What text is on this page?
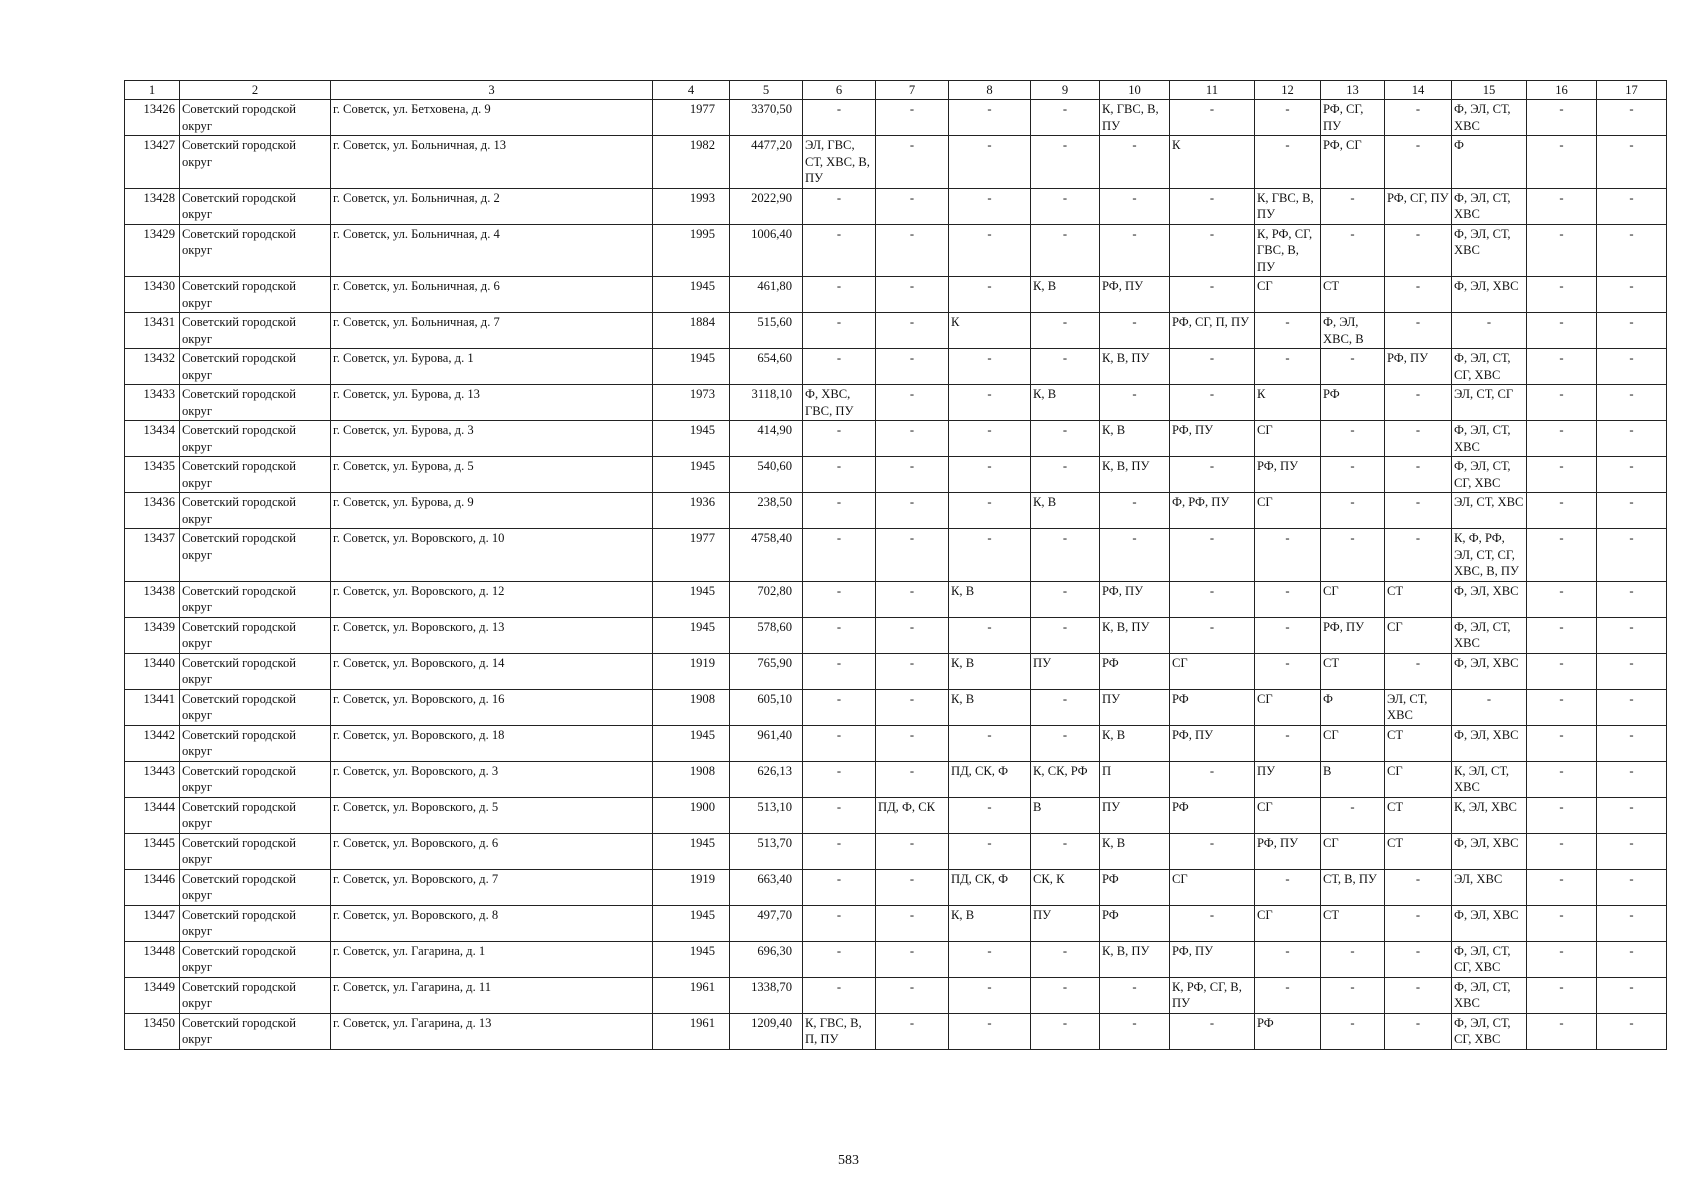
1	2	3	4	5	6	7	8	9	10	11	12	13	14	15	16	17
13426	Советский городской округ	г. Советск, ул. Бетховена, д. 9	1977	3370,50	-	-	-	-	К, ГВС, В, ПУ	-	-	РФ, СГ, ПУ	-	Ф, ЭЛ, СТ, ХВС	-	-
13427	Советский городской округ	г. Советск, ул. Больничная, д. 13	1982	4477,20	ЭЛ, ГВС, СТ, ХВС, В, ПУ	-	-	-	-	К	-	РФ, СГ	-	Ф	-	-
13428	Советский городской округ	г. Советск, ул. Больничная, д. 2	1993	2022,90	-	-	-	-	-	-	К, ГВС, В, ПУ	-	РФ, СГ, ПУ	Ф, ЭЛ, СТ, ХВС	-	-
13429	Советский городской округ	г. Советск, ул. Больничная, д. 4	1995	1006,40	-	-	-	-	-	-	К, РФ, СГ, ГВС, В, ПУ	-	-	Ф, ЭЛ, СТ, ХВС	-	-
13430	Советский городской округ	г. Советск, ул. Больничная, д. 6	1945	461,80	-	-	-	К, В	РФ, ПУ	-	СГ	СТ	-	Ф, ЭЛ, ХВС	-	-
13431	Советский городской округ	г. Советск, ул. Больничная, д. 7	1884	515,60	-	-	К	-	-	РФ, СГ, П, ПУ	-	Ф, ЭЛ, ХВС, В	-	-	-	-
13432	Советский городской округ	г. Советск, ул. Бурова, д. 1	1945	654,60	-	-	-	-	К, В, ПУ	-	-	-	РФ, ПУ	Ф, ЭЛ, СТ, СГ, ХВС	-	-
13433	Советский городской округ	г. Советск, ул. Бурова, д. 13	1973	3118,10	Ф, ХВС, ГВС, ПУ	-	-	К, В	-	-	К	РФ	-	ЭЛ, СТ, СГ	-	-
13434	Советский городской округ	г. Советск, ул. Бурова, д. 3	1945	414,90	-	-	-	-	К, В	РФ, ПУ	СГ	-	-	Ф, ЭЛ, СТ, ХВС	-	-
13435	Советский городской округ	г. Советск, ул. Бурова, д. 5	1945	540,60	-	-	-	-	К, В, ПУ	-	РФ, ПУ	-	-	Ф, ЭЛ, СТ, СГ, ХВС	-	-
13436	Советский городской округ	г. Советск, ул. Бурова, д. 9	1936	238,50	-	-	-	К, В	-	Ф, РФ, ПУ	СГ	-	-	ЭЛ, СТ, ХВС	-	-
13437	Советский городской округ	г. Советск, ул. Воровского, д. 10	1977	4758,40	-	-	-	-	-	-	-	-	-	К, Ф, РФ, ЭЛ, СТ, СГ, ХВС, В, ПУ	-	-
13438	Советский городской округ	г. Советск, ул. Воровского, д. 12	1945	702,80	-	-	К, В	-	РФ, ПУ	-	-	СГ	СТ	Ф, ЭЛ, ХВС	-	-
13439	Советский городской округ	г. Советск, ул. Воровского, д. 13	1945	578,60	-	-	-	-	К, В, ПУ	-	-	РФ, ПУ	СГ	Ф, ЭЛ, СТ, ХВС	-	-
13440	Советский городской округ	г. Советск, ул. Воровского, д. 14	1919	765,90	-	-	К, В	ПУ	РФ	СГ	-	СТ	-	Ф, ЭЛ, ХВС	-	-
13441	Советский городской округ	г. Советск, ул. Воровского, д. 16	1908	605,10	-	-	К, В	-	ПУ	РФ	СГ	Ф	ЭЛ, СТ, ХВС	-	-	-
13442	Советский городской округ	г. Советск, ул. Воровского, д. 18	1945	961,40	-	-	-	-	К, В	РФ, ПУ	-	СГ	СТ	Ф, ЭЛ, ХВС	-	-
13443	Советский городской округ	г. Советск, ул. Воровского, д. 3	1908	626,13	-	-	ПД, СК, Ф	К, СК, РФ	П	-	ПУ	В	СГ	К, ЭЛ, СТ, ХВС	-	-
13444	Советский городской округ	г. Советск, ул. Воровского, д. 5	1900	513,10	-	ПД, Ф, СК	-	В	ПУ	РФ	СГ	-	СТ	К, ЭЛ, ХВС	-	-
13445	Советский городской округ	г. Советск, ул. Воровского, д. 6	1945	513,70	-	-	-	-	К, В	-	РФ, ПУ	СГ	СТ	Ф, ЭЛ, ХВС	-	-
13446	Советский городской округ	г. Советск, ул. Воровского, д. 7	1919	663,40	-	-	ПД, СК, Ф	СК, К	РФ	СГ	-	СТ, В, ПУ	-	ЭЛ, ХВС	-	-
13447	Советский городской округ	г. Советск, ул. Воровского, д. 8	1945	497,70	-	-	К, В	ПУ	РФ	-	СГ	СТ	-	Ф, ЭЛ, ХВС	-	-
13448	Советский городской округ	г. Советск, ул. Гагарина, д. 1	1945	696,30	-	-	-	-	К, В, ПУ	РФ, ПУ	-	-	-	Ф, ЭЛ, СТ, СГ, ХВС	-	-
13449	Советский городской округ	г. Советск, ул. Гагарина, д. 11	1961	1338,70	-	-	-	-	-	К, РФ, СГ, В, ПУ	-	-	-	Ф, ЭЛ, СТ, ХВС	-	-
13450	Советский городской округ	г. Советск, ул. Гагарина, д. 13	1961	1209,40	К, ГВС, В, П, ПУ	-	-	-	-	-	РФ	-	-	Ф, ЭЛ, СТ, СГ, ХВС	-	-
583
